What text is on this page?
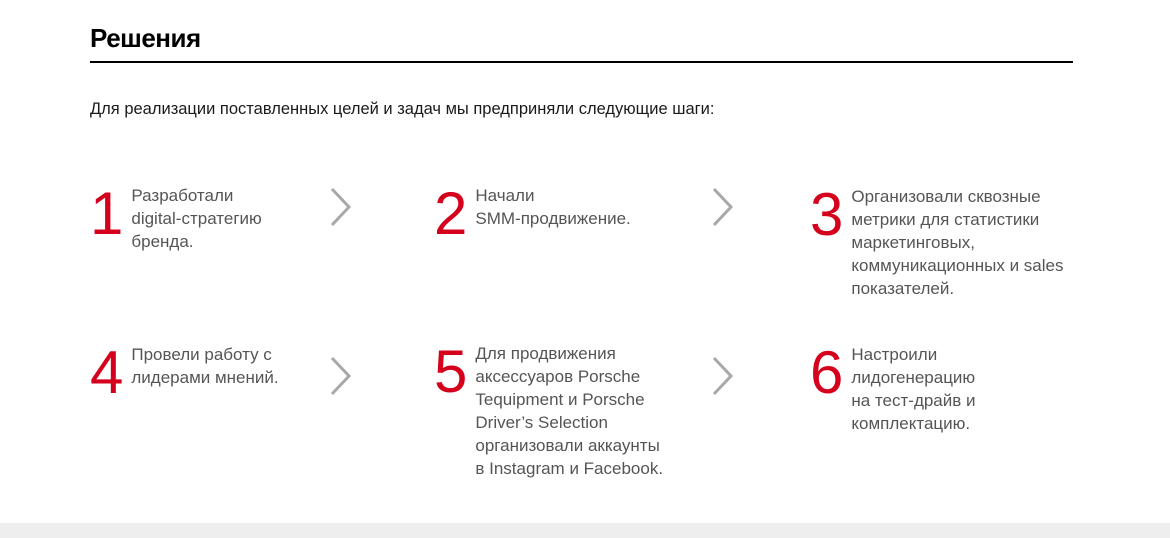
Решения
Для реализации поставленных целей и задач мы предприняли следующие шаги:
1 Разработали
digital-стратегию
бренда.	2 Начали
SMM-продвижение.	3 Организовали сквозные
метрики для статистики
маркетинговых,
коммуникационных и sales
показателей.
4 Провели работу с
лидерами мнений.	5 Для продвижения
аксессуаров Porsche
Tequipment и Porsche
Driver’s Selection
организовали аккаунты
в Instagram и Facebook.
6 Настроили
лидогенерацию
на тест-драйв и
комплектацию.
